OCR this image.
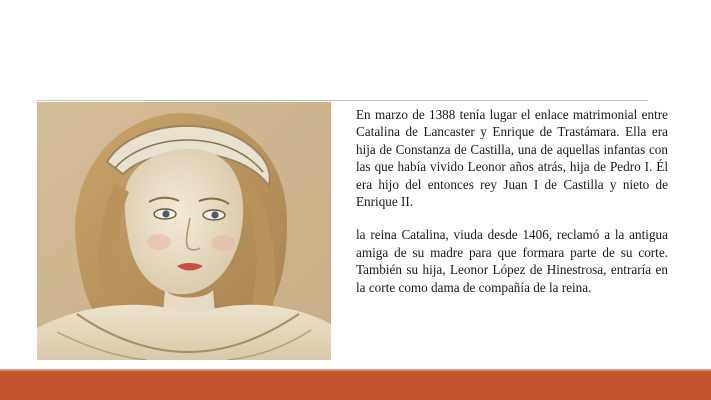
En marzo de 1388 tenía lugar el enlace matrimonial entre Catalina de Lancaster y Enrique de Trastámara. Ella era hija de Constanza de Castilla, una de aquellas infantas con las que había vivido Leonor años atrás, hija de Pedro I. Él era hijo del entonces rey Juan I de Castilla y nieto de Enrique II.

la reina Catalina, viuda desde 1406, reclamó a la antigua amiga de su madre para que formara parte de su corte. También su hija, Leonor López de Hinestrosa, entraría en la corte como dama de compañía de la reina.
